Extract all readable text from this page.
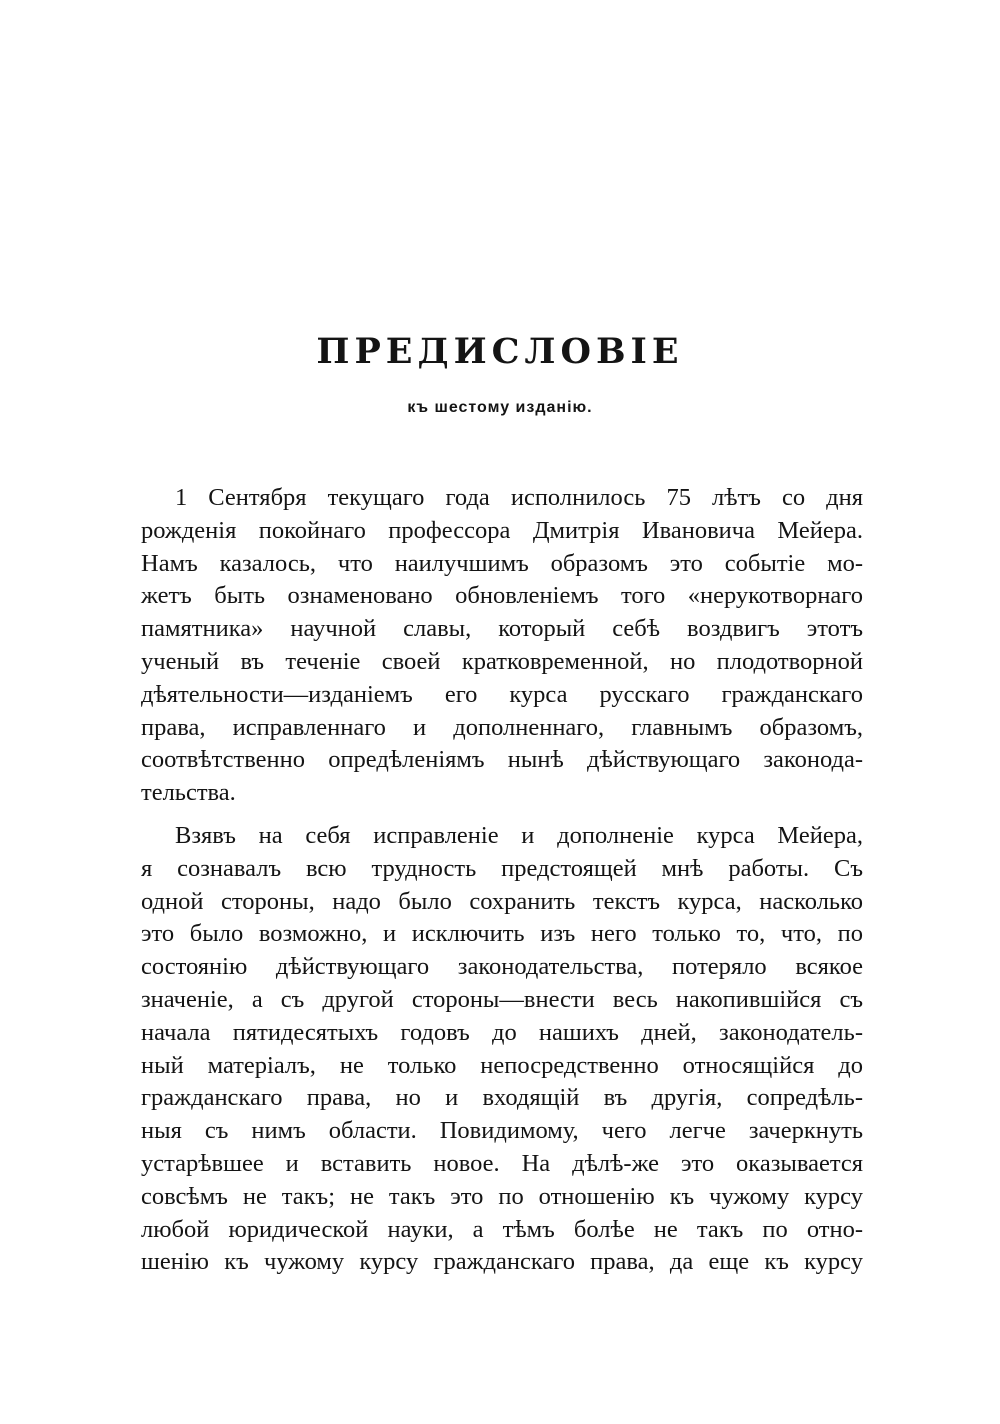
ПРЕДИСЛОВІЕ
къ шестому изданію.
1 Сентября текущаго года исполнилось 75 лѣтъ со дня
рожденія покойнаго профессора Дмитрія Ивановича Мейера.
Намъ казалось, что наилучшимъ образомъ это событіе мо-
жетъ быть ознаменовано обновленіемъ того «нерукотворнаго
памятника» научной славы, который себѣ воздвигъ этотъ
ученый въ теченіе своей кратковременной, но плодотворной
дѣятельности—изданіемъ его курса русскаго гражданскаго
права, исправленнаго и дополненнаго, главнымъ образомъ,
соотвѣтственно опредѣленіямъ нынѣ дѣйствующаго законода-
тельства.
Взявъ на себя исправленіе и дополненіе курса Мейера,
я сознавалъ всю трудность предстоящей мнѣ работы. Съ
одной стороны, надо было сохранить текстъ курса, насколько
это было возможно, и исключить изъ него только то, что, по
состоянію дѣйствующаго законодательства, потеряло всякое
значеніе, а съ другой стороны—внести весь накопившійся съ
начала пятидесятыхъ годовъ до нашихъ дней, законодатель-
ный матеріалъ, не только непосредственно относящійся до
гражданскаго права, но и входящій въ другія, сопредѣль-
ныя съ нимъ области. Повидимому, чего легче зачеркнуть
устарѣвшее и вставить новое. На дѣлѣ-же это оказывается
совсѣмъ не такъ; не такъ это по отношенію къ чужому курсу
любой юридической науки, а тѣмъ болѣе не такъ по отно-
шенію къ чужому курсу гражданскаго права, да еще къ курсу
